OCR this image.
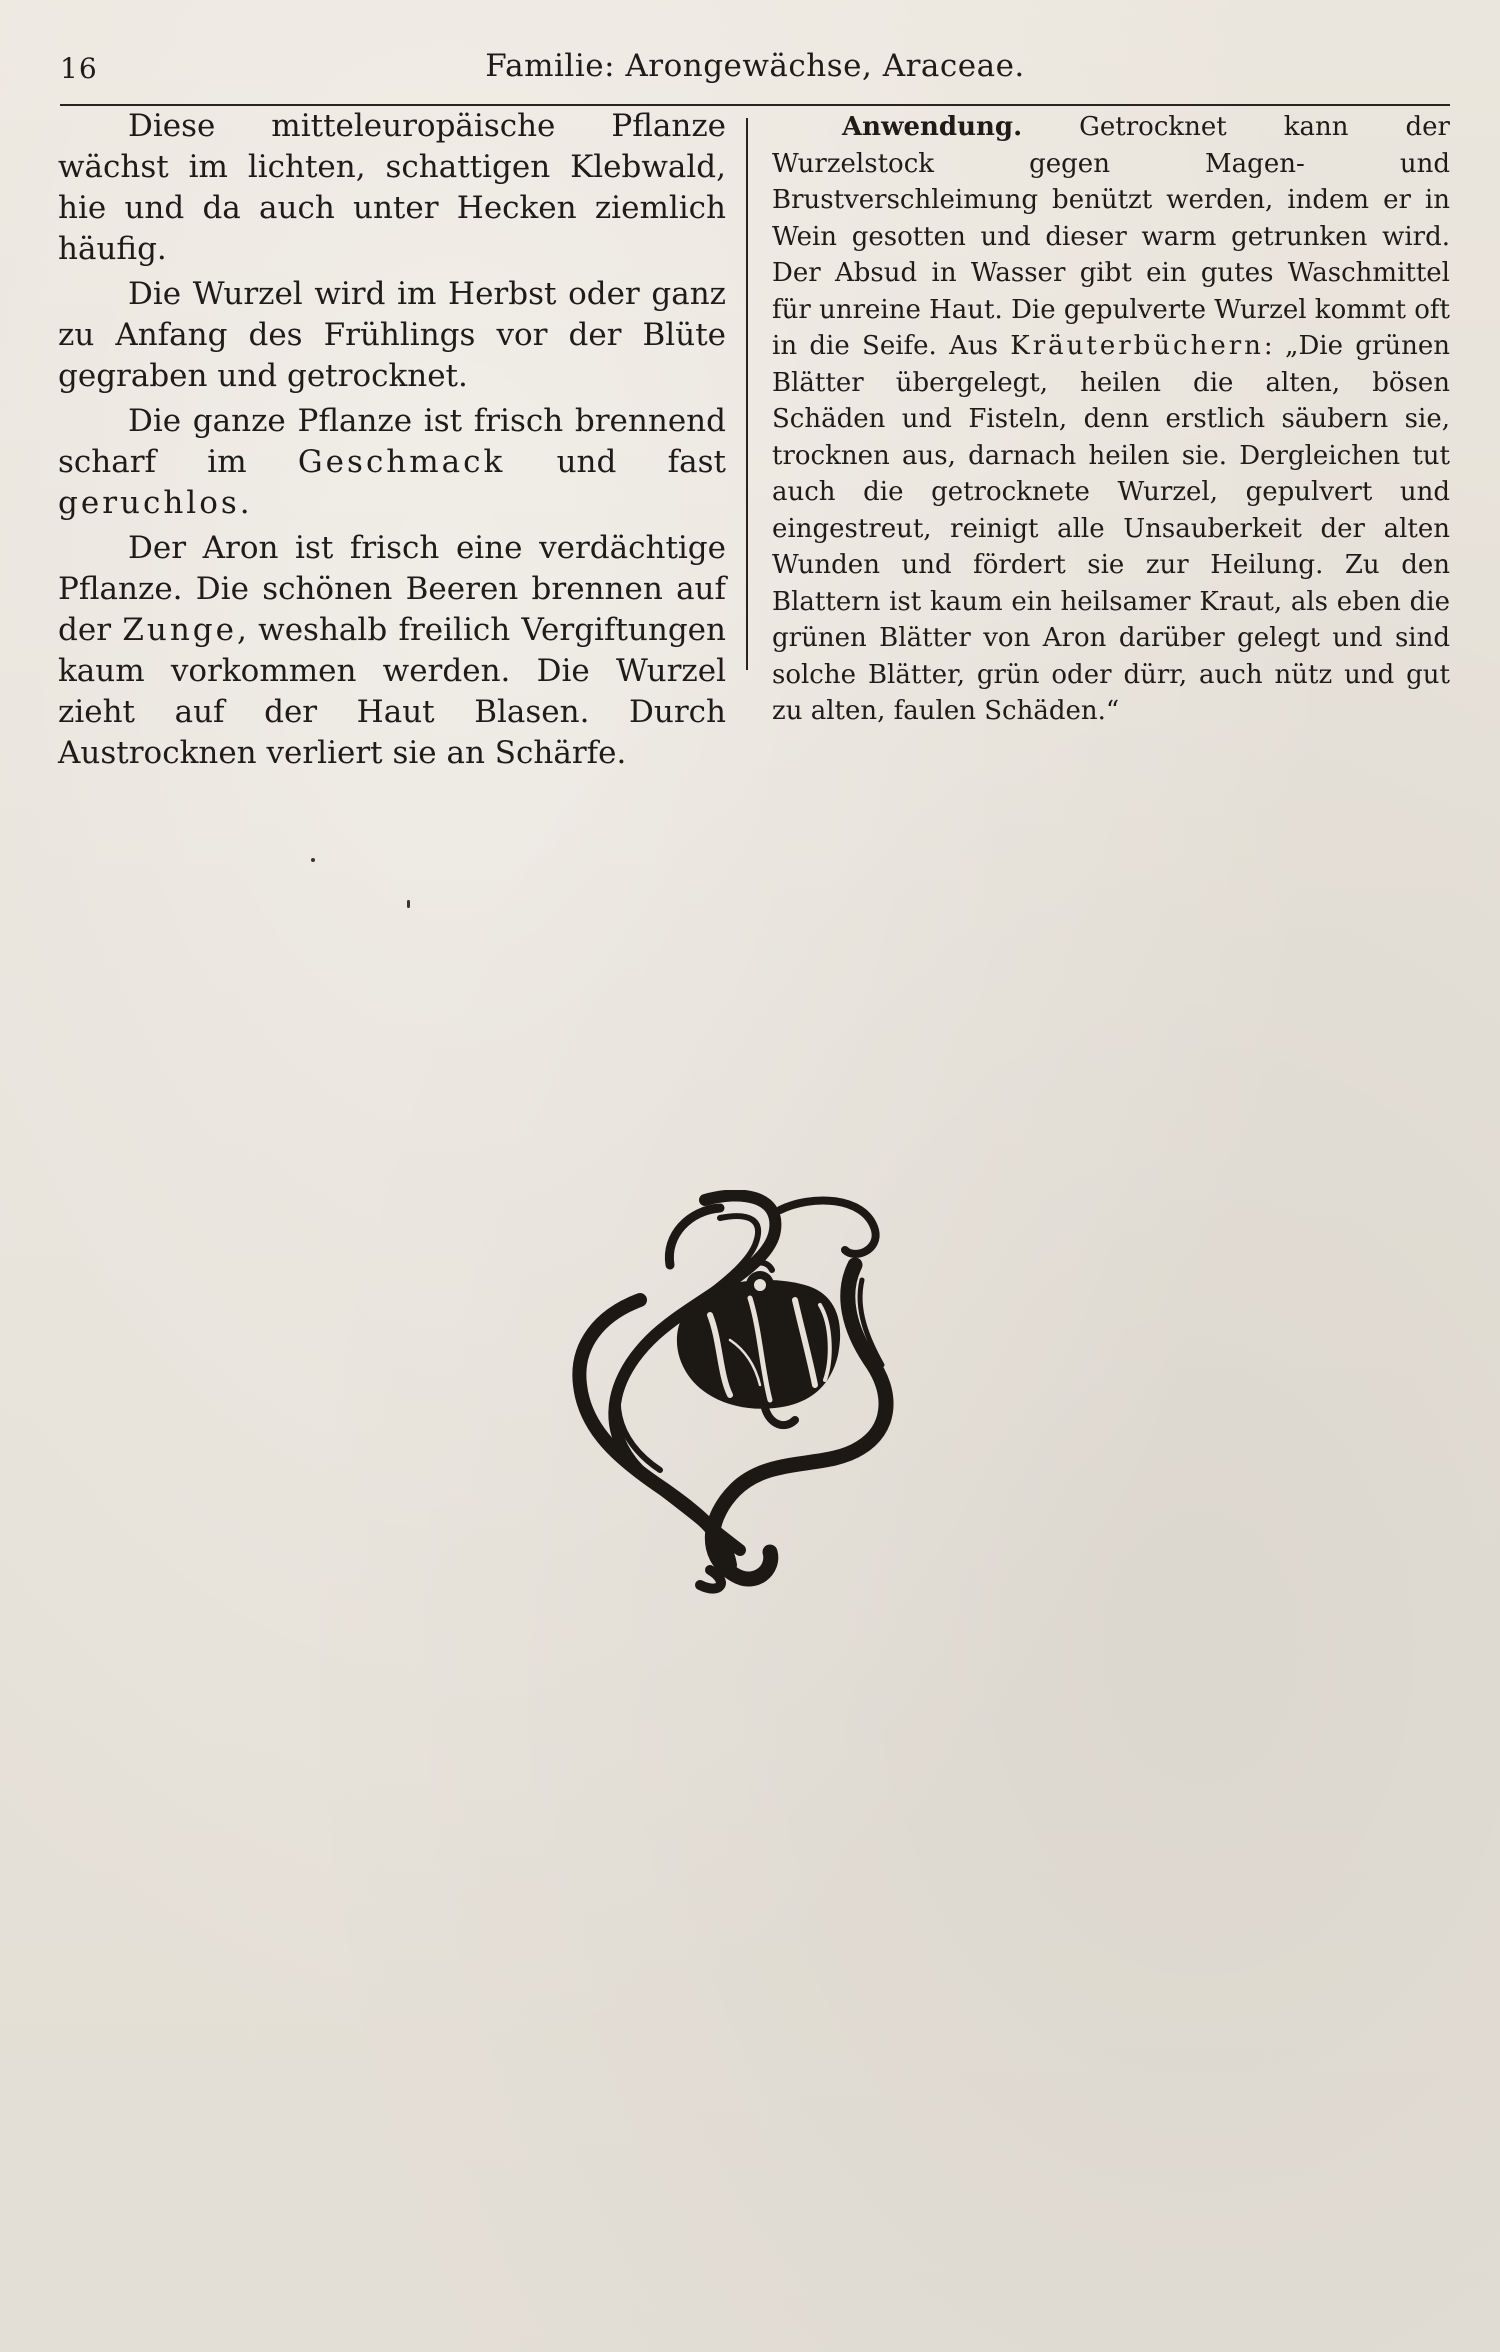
16	Familie: Arongewächse, Araceae.

Diese mitteleuropäische Pflanze wächst im lichten, schattigen Klebwald, hie und da auch unter Hecken ziemlich häufig.

Die Wurzel wird im Herbst oder ganz zu Anfang des Frühlings vor der Blüte gegraben und getrocknet.

Die ganze Pflanze ist frisch brennend scharf im Geschmack und fast geruchlos.

Der Aron ist frisch eine verdächtige Pflanze. Die schönen Beeren brennen auf der Zunge, weshalb freilich Vergiftungen kaum vorkommen werden. Die Wurzel zieht auf der Haut Blasen. Durch Austrocknen verliert sie an Schärfe.

Anwendung. Getrocknet kann der Wurzelstock gegen Magen- und Brustverschleimung benützt werden, indem er in Wein gesotten und dieser warm getrunken wird. Der Absud in Wasser gibt ein gutes Waschmittel für unreine Haut. Die gepulverte Wurzel kommt oft in die Seife. Aus Kräuterbüchern: „Die grünen Blätter übergelegt, heilen die alten, bösen Schäden und Fisteln, denn erstlich säubern sie, trocknen aus, darnach heilen sie. Dergleichen tut auch die getrocknete Wurzel, gepulvert und eingestreut, reinigt alle Unsauberkeit der alten Wunden und fördert sie zur Heilung. Zu den Blattern ist kaum ein heilsamer Kraut, als eben die grünen Blätter von Aron darüber gelegt und sind solche Blätter, grün oder dürr, auch nütz und gut zu alten, faulen Schäden.“
